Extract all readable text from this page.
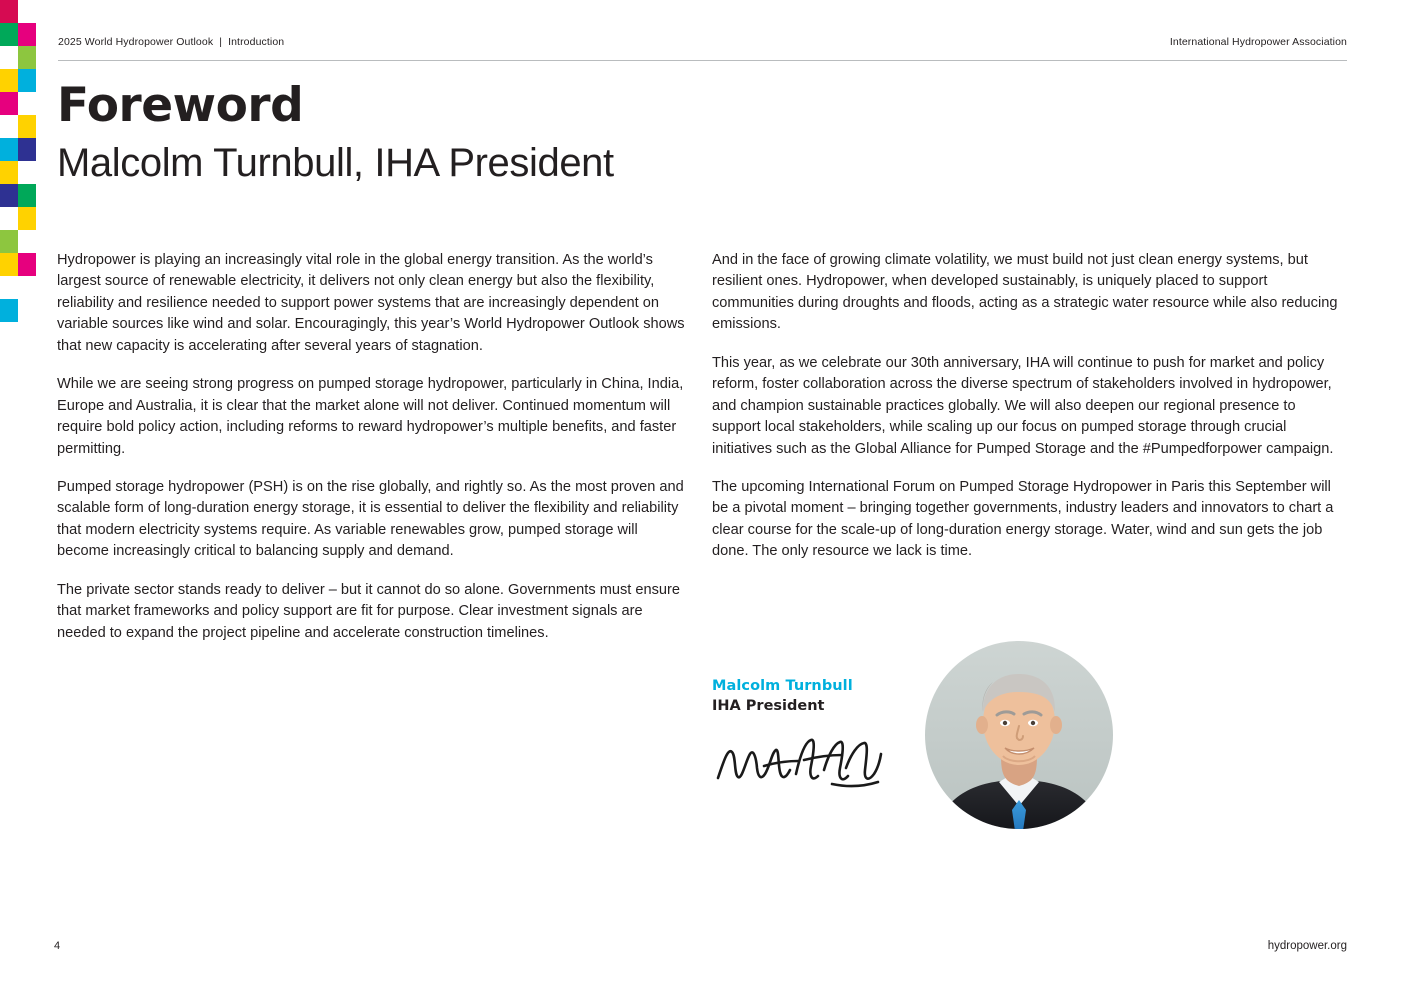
2025 World Hydropower Outlook | Introduction	International Hydropower Association
Foreword
Malcolm Turnbull, IHA President

Hydropower is playing an increasingly vital role in the global energy transition. As the world’s largest source of renewable electricity, it delivers not only clean energy but also the flexibility, reliability and resilience needed to support power systems that are increasingly dependent on variable sources like wind and solar. Encouragingly, this year’s World Hydropower Outlook shows that new capacity is accelerating after several years of stagnation.

While we are seeing strong progress on pumped storage hydropower, particularly in China, India, Europe and Australia, it is clear that the market alone will not deliver. Continued momentum will require bold policy action, including reforms to reward hydropower’s multiple benefits, and faster permitting.

Pumped storage hydropower (PSH) is on the rise globally, and rightly so. As the most proven and scalable form of long-duration energy storage, it is essential to deliver the flexibility and reliability that modern electricity systems require. As variable renewables grow, pumped storage will become increasingly critical to balancing supply and demand.

The private sector stands ready to deliver – but it cannot do so alone. Governments must ensure that market frameworks and policy support are fit for purpose. Clear investment signals are needed to expand the project pipeline and accelerate construction timelines.

And in the face of growing climate volatility, we must build not just clean energy systems, but resilient ones. Hydropower, when developed sustainably, is uniquely placed to support communities during droughts and floods, acting as a strategic water resource while also reducing emissions.

This year, as we celebrate our 30th anniversary, IHA will continue to push for market and policy reform, foster collaboration across the diverse spectrum of stakeholders involved in hydropower, and champion sustainable practices globally. We will also deepen our regional presence to support local stakeholders, while scaling up our focus on pumped storage through crucial initiatives such as the Global Alliance for Pumped Storage and the #Pumpedforpower campaign.

The upcoming International Forum on Pumped Storage Hydropower in Paris this September will be a pivotal moment – bringing together governments, industry leaders and innovators to chart a clear course for the scale-up of long-duration energy storage. Water, wind and sun gets the job done. The only resource we lack is time.

Malcolm Turnbull

IHA President

4	hydropower.org
